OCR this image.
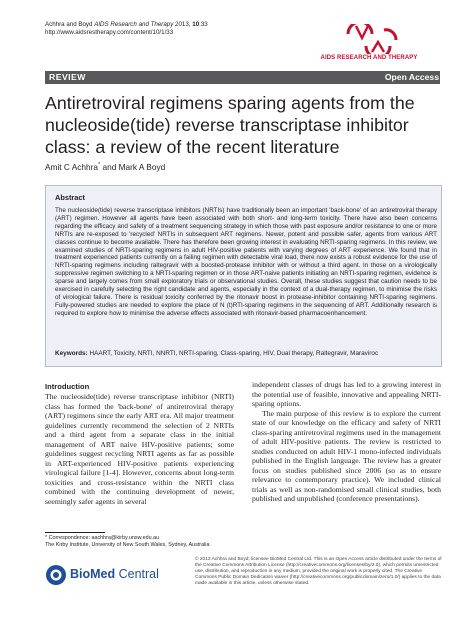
Achhra and Boyd AIDS Research and Therapy 2013, 10:33
http://www.aidsrestherapy.com/content/10/1/33
AIDS RESEARCH AND THERAPY
REVIEW	Open Access
Antiretroviral regimens sparing agents from the nucleoside(tide) reverse transcriptase inhibitor class: a review of the recent literature
Amit C Achhra* and Mark A Boyd
Abstract
The nucleoside(tide) reverse transcriptase inhibitors (NRTIs) have traditionally been an important 'back-bone' of an antiretroviral therapy (ART) regimen. However all agents have been associated with both short- and long-term toxicity. There have also been concerns regarding the efficacy and safety of a treatment sequencing strategy in which those with past exposure and/or resistance to one or more NRTIs are re-exposed to 'recycled' NRTIs in subsequent ART regimens. Newer, potent and possible safer, agents from various ART classes continue to become available. There has therefore been growing interest in evaluating NRTI-sparing regimens. In this review, we examined studies of NRTI-sparing regimens in adult HIV-positive patients with varying degrees of ART experience. We found that in treatment experienced patients currently on a failing regimen with detectable viral load, there now exists a robust evidence for the use of NRTI-sparing regimens including raltegravir with a boosted-protease inhibitor with or without a third agent. In those on a virologically suppressive regimen switching to a NRTI-sparing regimen or in those ART-naive patients initiating an NRTI-sparing regimen, evidence is sparse and largely comes from small exploratory trials or observational studies. Overall, these studies suggest that caution needs to be exercised in carefully selecting the right candidate and agents, especially in the context of a dual-therapy regimen, to minimise the risks of virological failure. There is residual toxicity conferred by the ritonavir boost in protease-inhibitor containing NRTI-sparing regimens. Fully-powered studies are needed to explore the place of N (t)RTI-sparing regimens in the sequencing of ART. Additionally research is required to explore how to minimise the adverse effects associated with ritonavir-based pharmacoenhancement.
Keywords: HAART, Toxicity, NRTI, NNRTI, NRTI-sparing, Class-sparing, HIV, Dual therapy, Raltegravir, Maraviroc
Introduction

The nucleoside(tide) reverse transcriptase inhibitor (NRTI) class has formed the 'back-bone' of antiretroviral therapy (ART) regimens since the early ART era. All major treatment guidelines currently recommend the selection of 2 NRTIs and a third agent from a separate class in the initial management of ART naive HIV-positive patients; some guidelines suggest recycling NRTI agents as far as possible in ART-experienced HIV-positive patients experiencing virological failure [1-4]. However, concerns about long-term toxicities and cross-resistance within the NRTI class combined with the continuing development of newer, seemingly safer agents in several

independent classes of drugs has led to a growing interest in the potential use of feasible, innovative and appealing NRTI-sparing options.

The main purpose of this review is to explore the current state of our knowledge on the efficacy and safety of NRTI class-sparing antiretroviral regimens used in the management of adult HIV-positive patients. The review is restricted to studies conducted on adult HIV-1 mono-infected individuals published in the English language. The review has a greater focus on studies published since 2006 (so as to ensure relevance to contemporary practice). We included clinical trials as well as non-randomised small clinical studies, both published and unpublished (conference presentations).

* Correspondence: aachhra@kirby.unsw.edu.au
The Kirby Institute, University of New South Wales, Sydney, Australia
BioMed Central
© 2013 Achhra and Boyd; licensee BioMed Central Ltd. This is an Open Access article distributed under the terms of the Creative Commons Attribution License (http://creativecommons.org/licenses/by/2.0), which permits unrestricted use, distribution, and reproduction in any medium, provided the original work is properly cited. The Creative Commons Public Domain Dedication waiver (http://creativecommons.org/publicdomain/zero/1.0/) applies to the data made available in this article, unless otherwise stated.
